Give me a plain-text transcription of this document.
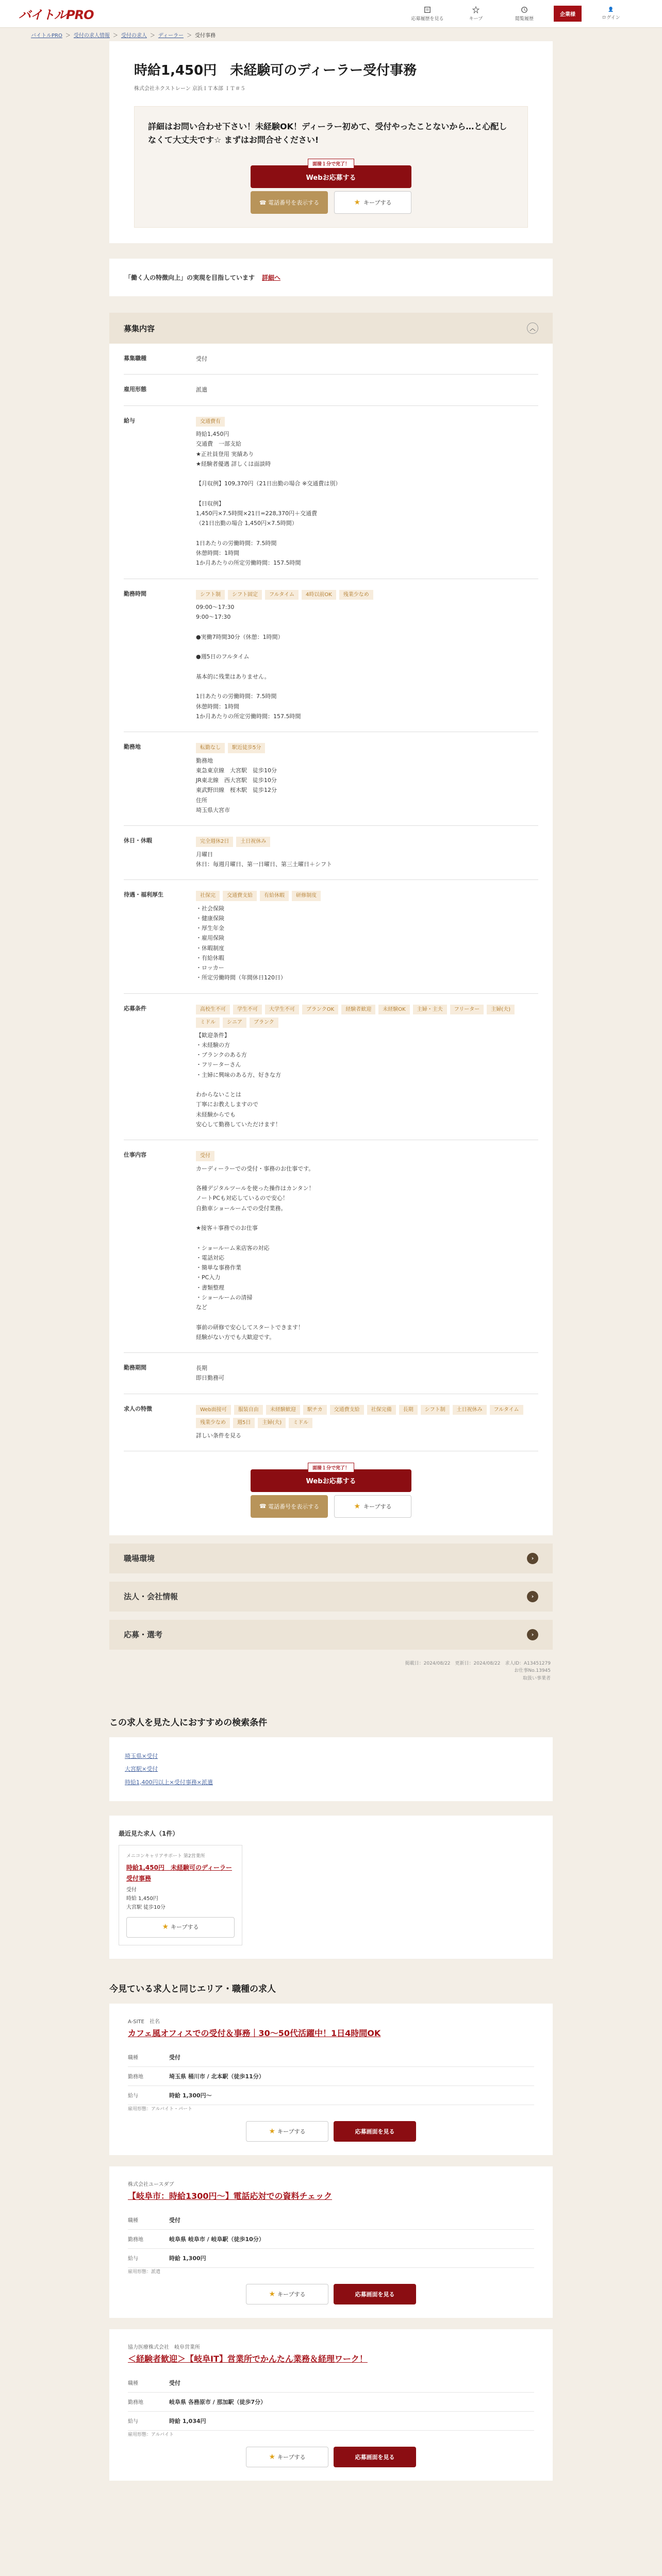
バイトルPRO	応募履歴を見る	キープ	閲覧履歴
企業様
👤
ログイン
バイトルPRO ＞ 受付の求人情報 ＞ 受付の求人 ＞ ディーラー ＞ 受付事務
時給1,450円　未経験可のディーラー受付事務
株式会社ネクストレーン 京浜ＩＴ本部 ＩＴ＃５
詳細はお問い合わせ下さい！未経験OK！ディーラー初めて、受付やったことないから…と心配しなくて大丈夫です☆ まずはお問合せください!
面接１分で完了！
Webお応募する
☎ 電話番号を表示する	★ キープする
「働く人の特徴向上」の実現を目指しています 詳細へ
募集内容	︿
募集職種	受付
雇用形態	派遣
給与	交通費有
時給1,450円
交通費　一部支給
★正社員登用 実績あり
★経験者優遇 詳しくは面談時

【月収例】109,370円（21日出勤の場合 ※交通費は別）

【日収例】
1,450円×7.5時間×21日=228,370円＋交通費
（21日出勤の場合 1,450円×7.5時間）

1日あたりの労働時間：7.5時間
休憩時間：1時間
1か月あたりの所定労働時間：157.5時間
勤務時間	シフト制 シフト固定 フルタイム 4時以前OK 残業少なめ
09:00〜17:30
9:00〜17:30

●実働7時間30分（休憩：1時間）

●週5日のフルタイム

基本的に残業はありません。

1日あたりの労働時間：7.5時間
休憩時間：1時間
1か月あたりの所定労働時間：157.5時間
勤務地	転勤なし 駅近徒歩5分
勤務地
東急東京線　大宮駅　徒歩10分
JR東北線　西大宮駅　徒歩10分
東武野田線　桜木駅　徒歩12分
住所
埼玉県大宮市
休日・休暇	完全週休2日 土日祝休み
月曜日
休日：毎週月曜日、第一日曜日、第三土曜日＋シフト
待遇・福利厚生	社保完 交通費支給 有給休暇 研修制度
・社会保険
・健康保険
・厚生年金
・雇用保険
・休暇制度
・有給休暇
・ロッカー
・所定労働時間（年間休日120日）
応募条件	高校生不可 学生不可 大学生不可 ブランクOK 経験者歓迎 未経験OK 主婦・主夫 フリーター 主婦(夫)ミドル シニア ブランク
【歓迎条件】
・未経験の方
・ブランクのある方
・フリーターさん
・主婦に興味のある方、好きな方

わからないことは
丁寧にお教えしますので
未経験からでも
安心して勤務していただけます！
仕事内容	受付
カーディーラーでの受付・事務のお仕事です。

各種デジタルツールを使った操作はカンタン！
ノートPCも対応しているので安心！
自動車ショールームでの受付業務。

★接客＋事務でのお仕事

・ショールーム来店客の対応
・電話対応
・簡単な事務作業
・PC入力
・書類整理
・ショールームの清掃
など

事前の研修で安心してスタートできます！
経験がない方でも大歓迎です。
勤務期間	長期
即日勤務可
求人の特徴	Web面接可 服装自由 未経験歓迎 駅チカ 交通費支給 社保完備 長期 シフト制 土日祝休み フルタイム残業少なめ 週5日 主婦(夫) ミドル
詳しい条件を見る
面接１分で完了！
Webお応募する
☎ 電話番号を表示する	★ キープする
職場環境	›
法人・会社情報	›
応募・選考	›
掲載日：2024/08/22　 更新日：2024/08/22　 求人ID：A13451279
お仕事No.13945
取扱い事業者
この求人を見た人におすすめの検索条件
埼玉県×受付
大宮駅×受付
時給1,400円以上×受付事務×派遣
最近見た求人（1件）
メニコンキャリアサポート 第2営業所
時給1,450円　未経験可のディーラー受付事務
受付
時給 1,450円
大宮駅 徒歩10分
★ キープする
今見ている求人と同じエリア・職種の求人
A-SITE　社名
カフェ風オフィスでの受付＆事務｜30〜50代活躍中！1日4時間OK
職種	受付
勤務地	埼玉県 桶川市 / 北本駅（徒歩11分）
給与	時給 1,300円〜
雇用形態：アルバイト・パート
★ キープする	応募画面を見る
株式会社ユースダブ
【岐阜市：時給1300円〜】電話応対での資料チェック
職種	受付
勤務地	岐阜県 岐阜市 / 岐阜駅（徒歩10分）
給与	時給 1,300円
雇用形態：派遣
★ キープする	応募画面を見る
協力医療株式会社　岐阜営業所
＜経験者歓迎＞【岐阜IT】営業所でかんたん業務＆経理ワーク！
職種	受付
勤務地	岐阜県 各務原市 / 那加駅（徒歩7分）
給与	時給 1,034円
雇用形態：アルバイト
★ キープする	応募画面を見る
